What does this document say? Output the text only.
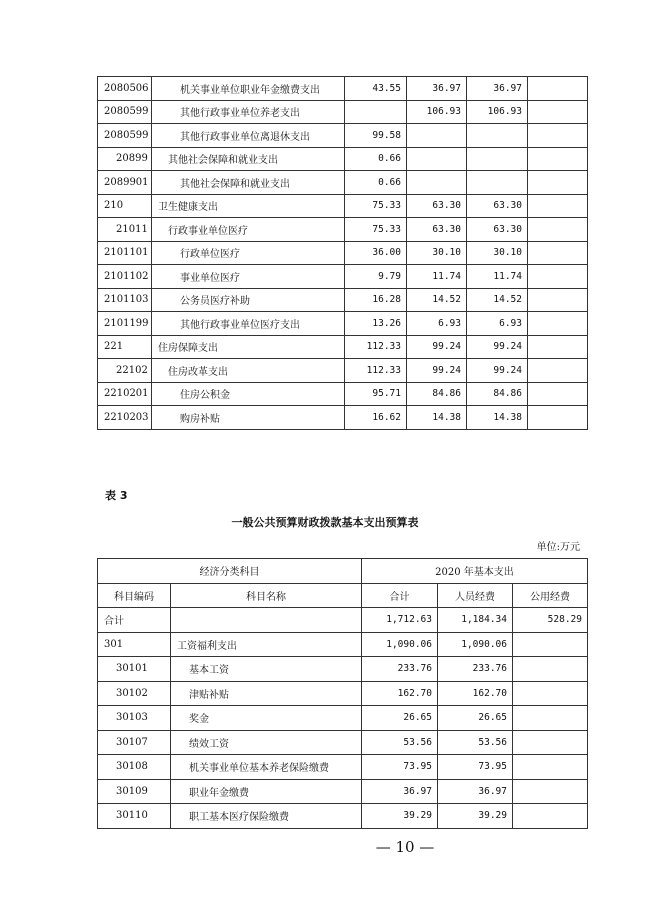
2080506	机关事业单位职业年金缴费支出	43.55	36.97	36.97	
2080599	其他行政事业单位养老支出		106.93	106.93	
2080599	其他行政事业单位离退休支出	99.58			
20899	其他社会保障和就业支出	0.66			
2089901	其他社会保障和就业支出	0.66			
210	卫生健康支出	75.33	63.30	63.30	
21011	行政事业单位医疗	75.33	63.30	63.30	
2101101	行政单位医疗	36.00	30.10	30.10	
2101102	事业单位医疗	9.79	11.74	11.74	
2101103	公务员医疗补助	16.28	14.52	14.52	
2101199	其他行政事业单位医疗支出	13.26	6.93	6.93	
221	住房保障支出	112.33	99.24	99.24	
22102	住房改革支出	112.33	99.24	99.24	
2210201	住房公积金	95.71	84.86	84.86	
2210203	购房补贴	16.62	14.38	14.38	
表 3
一般公共预算财政拨款基本支出预算表
单位:万元
经济分类科目		2020 年基本支出		
科目编码	科目名称	合计	人员经费	公用经费
合计		1,712.63	1,184.34	528.29
301	工资福利支出	1,090.06	1,090.06	
30101	基本工资	233.76	233.76	
30102	津贴补贴	162.70	162.70	
30103	奖金	26.65	26.65	
30107	绩效工资	53.56	53.56	
30108	机关事业单位基本养老保险缴费	73.95	73.95	
30109	职业年金缴费	36.97	36.97	
30110	职工基本医疗保险缴费	39.29	39.29	
— 10 —
